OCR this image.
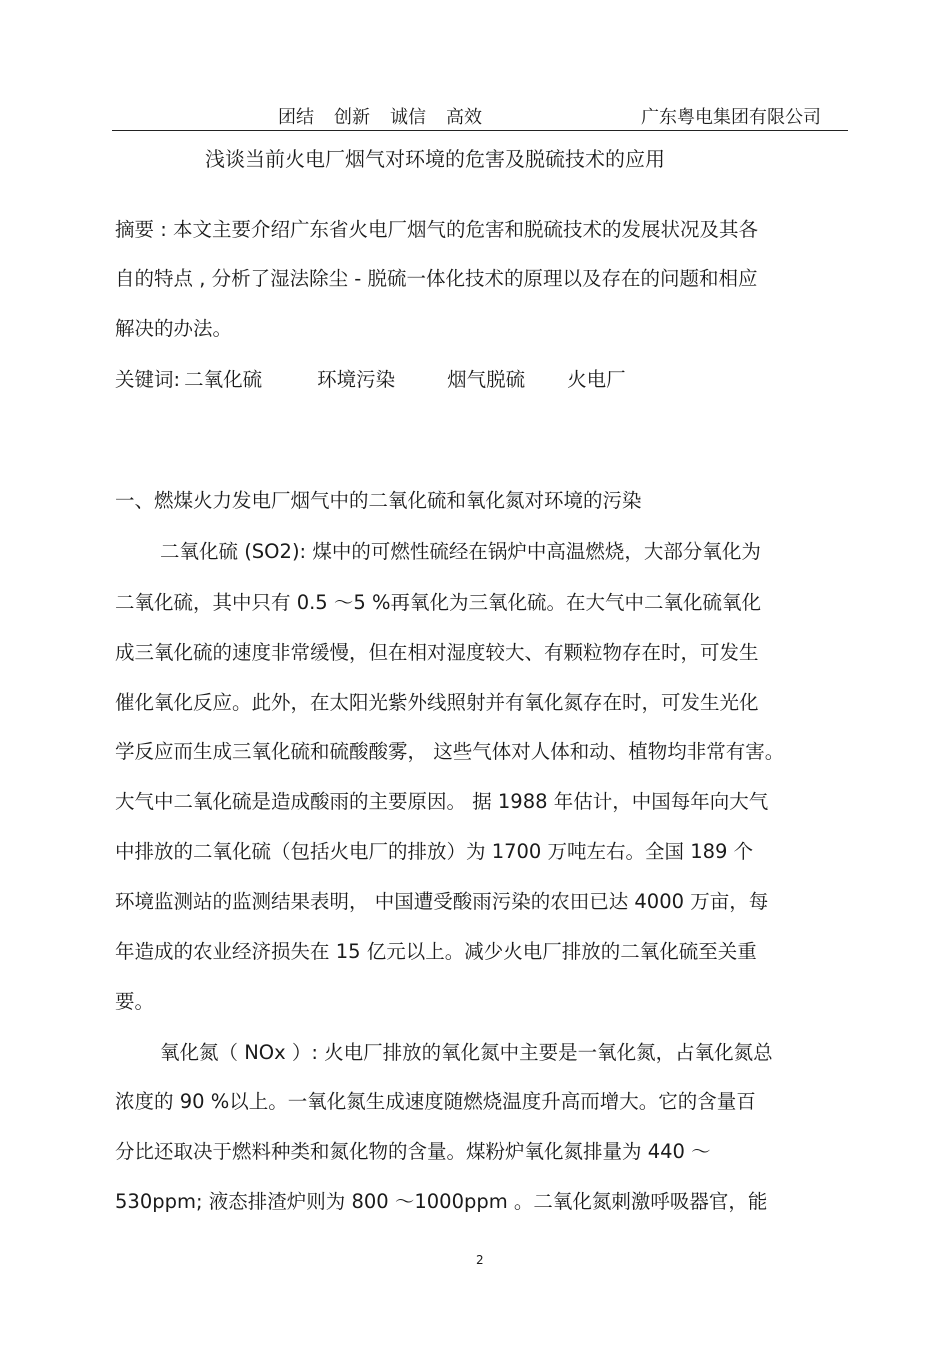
团结 创新 诚信 高效	广东粤电集团有限公司
浅谈当前火电厂烟气对环境的危害及脱硫技术的应用
摘要 : 本文主要介绍广东省火电厂烟气的危害和脱硫技术的发展状况及其各
自的特点 , 分析了湿法除尘 - 脱硫一体化技术的原理以及存在的问题和相应
解决的办法。
关键词:二氧化硫	环境污染	烟气脱硫 火电厂
一、燃煤火力发电厂烟气中的二氧化硫和氧化氮对环境的污染
二氧化硫 (SO2): 煤中的可燃性硫经在锅炉中高温燃烧，大部分氧化为
二氧化硫，其中只有 0.5 ～5 %再氧化为三氧化硫。在大气中二氧化硫氧化
成三氧化硫的速度非常缓慢，但在相对湿度较大、有颗粒物存在时，可发生
催化氧化反应。此外，在太阳光紫外线照射并有氧化氮存在时，可发生光化
学反应而生成三氧化硫和硫酸酸雾， 这些气体对人体和动、植物均非常有害。
大气中二氧化硫是造成酸雨的主要原因。 据 1988 年估计，中国每年向大气
中排放的二氧化硫（包括火电厂的排放）为 1700 万吨左右。全国 189 个
环境监测站的监测结果表明， 中国遭受酸雨污染的农田已达 4000 万亩，每
年造成的农业经济损失在 15 亿元以上。减少火电厂排放的二氧化硫至关重
要。
氧化氮（ NOx ）: 火电厂排放的氧化氮中主要是一氧化氮，占氧化氮总
浓度的 90 %以上。一氧化氮生成速度随燃烧温度升高而增大。它的含量百
分比还取决于燃料种类和氮化物的含量。煤粉炉氧化氮排量为 440 ～
530ppm; 液态排渣炉则为 800 ～1000ppm 。二氧化氮刺激呼吸器官，能
2
